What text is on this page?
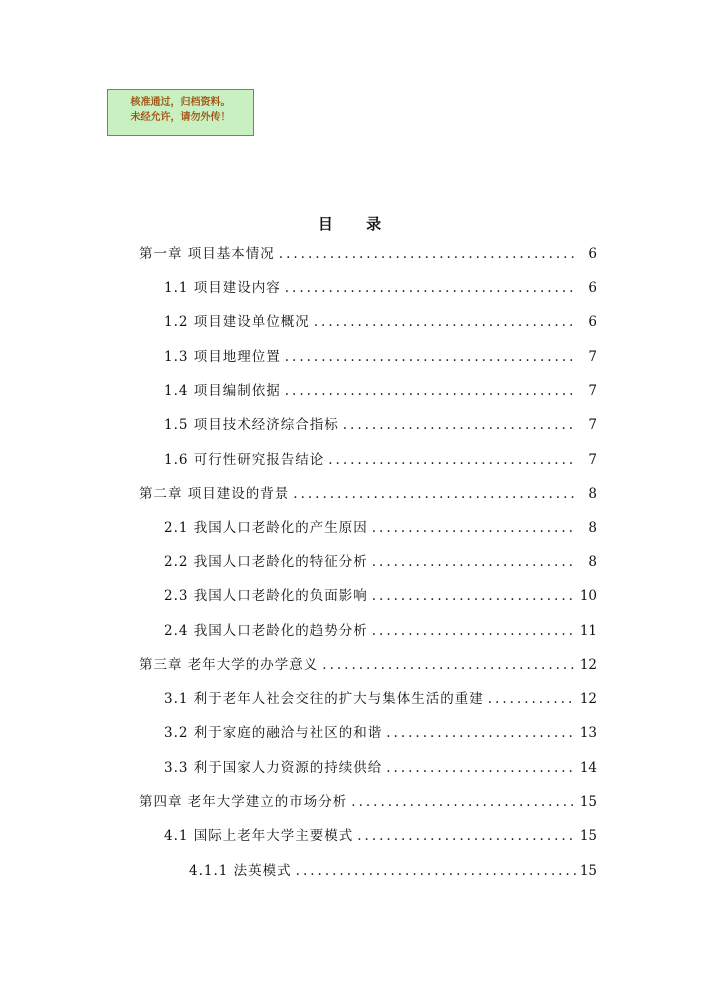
核准通过，归档资料。
未经允许，请勿外传！
目 录
第一章 项目基本情况 .....	6
1.1 项目建设内容 .....	6
1.2 项目建设单位概况 .....	6
1.3 项目地理位置 .....	7
1.4 项目编制依据 .....	7
1.5 项目技术经济综合指标 .....	7
1.6 可行性研究报告结论 .....	7
第二章 项目建设的背景 .....	8
2.1 我国人口老龄化的产生原因 .....	8
2.2 我国人口老龄化的特征分析 .....	8
2.3 我国人口老龄化的负面影响 .....	10
2.4 我国人口老龄化的趋势分析 .....	11
第三章 老年大学的办学意义 .....	12
3.1 利于老年人社会交往的扩大与集体生活的重建 .....	12
3.2 利于家庭的融洽与社区的和谐 .....	13
3.3 利于国家人力资源的持续供给 .....	14
第四章 老年大学建立的市场分析 .....	15
4.1 国际上老年大学主要模式 .....	15
4.1.1 法英模式 .....	15
